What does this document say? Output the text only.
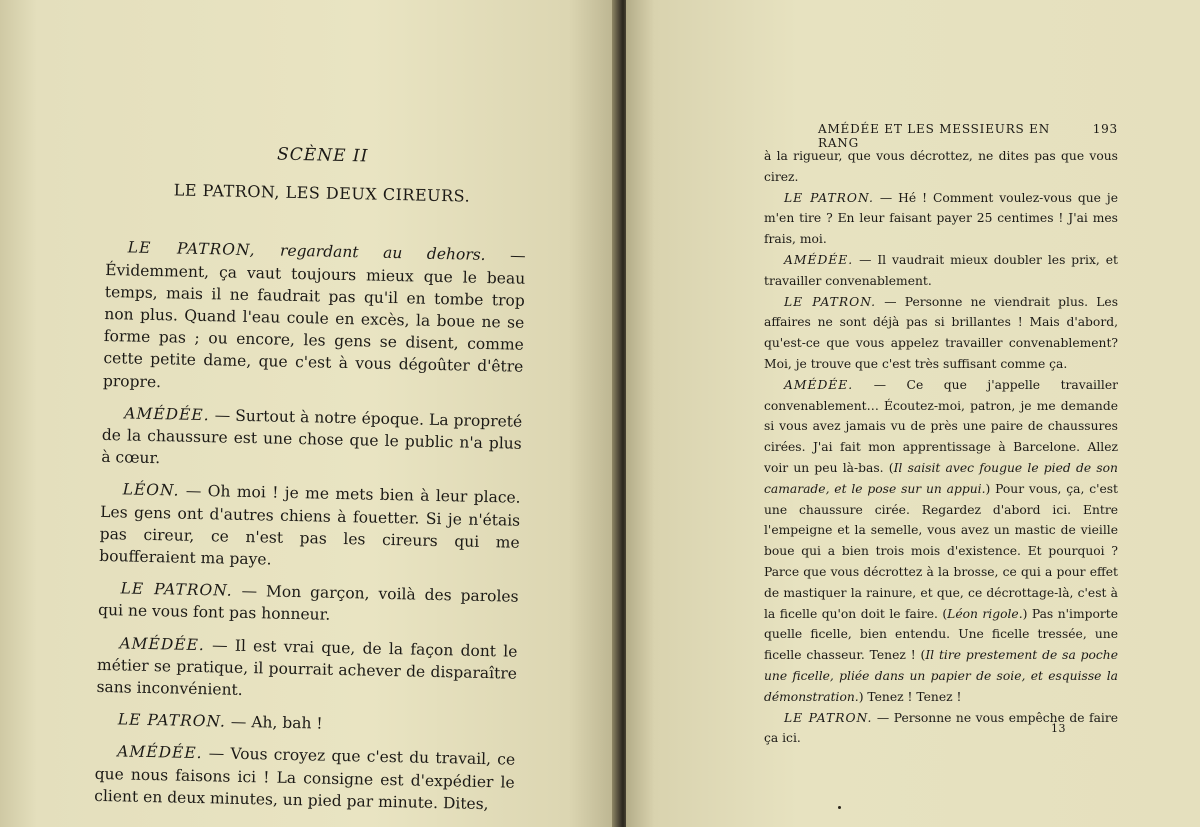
SCÈNE II
LE PATRON, LES DEUX CIREURS.

LE PATRON, regardant au dehors. — Évidemment, ça vaut toujours mieux que le beau temps, mais il ne faudrait pas qu'il en tombe trop non plus. Quand l'eau coule en excès, la boue ne se forme pas ; ou encore, les gens se disent, comme cette petite dame, que c'est à vous dégoûter d'être propre.

AMÉDÉE. — Surtout à notre époque. La propreté de la chaussure est une chose que le public n'a plus à cœur.

LÉON. — Oh moi ! je me mets bien à leur place. Les gens ont d'autres chiens à fouetter. Si je n'étais pas cireur, ce n'est pas les cireurs qui me boufferaient ma paye.

LE PATRON. — Mon garçon, voilà des paroles qui ne vous font pas honneur.

AMÉDÉE. — Il est vrai que, de la façon dont le métier se pratique, il pourrait achever de disparaître sans inconvénient.

LE PATRON. — Ah, bah !

AMÉDÉE. — Vous croyez que c'est du travail, ce que nous faisons ici ! La consigne est d'expédier le client en deux minutes, un pied par minute. Dites,

AMÉDÉE ET LES MESSIEURS EN RANG
193

à la rigueur, que vous décrottez, ne dites pas que vous cirez.

LE PATRON. — Hé ! Comment voulez-vous que je m'en tire ? En leur faisant payer 25 centimes ! J'ai mes frais, moi.

AMÉDÉE. — Il vaudrait mieux doubler les prix, et travailler convenablement.

LE PATRON. — Personne ne viendrait plus. Les affaires ne sont déjà pas si brillantes ! Mais d'abord, qu'est-ce que vous appelez travailler convenablement? Moi, je trouve que c'est très suffisant comme ça.

AMÉDÉE. — Ce que j'appelle travailler convenablement… Écoutez-moi, patron, je me demande si vous avez jamais vu de près une paire de chaussures cirées. J'ai fait mon apprentissage à Barcelone. Allez voir un peu là-bas. (Il saisit avec fougue le pied de son camarade, et le pose sur un appui.) Pour vous, ça, c'est une chaussure cirée. Regardez d'abord ici. Entre l'empeigne et la semelle, vous avez un mastic de vieille boue qui a bien trois mois d'existence. Et pourquoi ? Parce que vous décrottez à la brosse, ce qui a pour effet de mastiquer la rainure, et que, ce décrottage-là, c'est à la ficelle qu'on doit le faire. (Léon rigole.) Pas n'importe quelle ficelle, bien entendu. Une ficelle tressée, une ficelle chasseur. Tenez ! (Il tire prestement de sa poche une ficelle, pliée dans un papier de soie, et esquisse la démonstration.) Tenez ! Tenez !

LE PATRON. — Personne ne vous empêche de faire ça ici.

13
